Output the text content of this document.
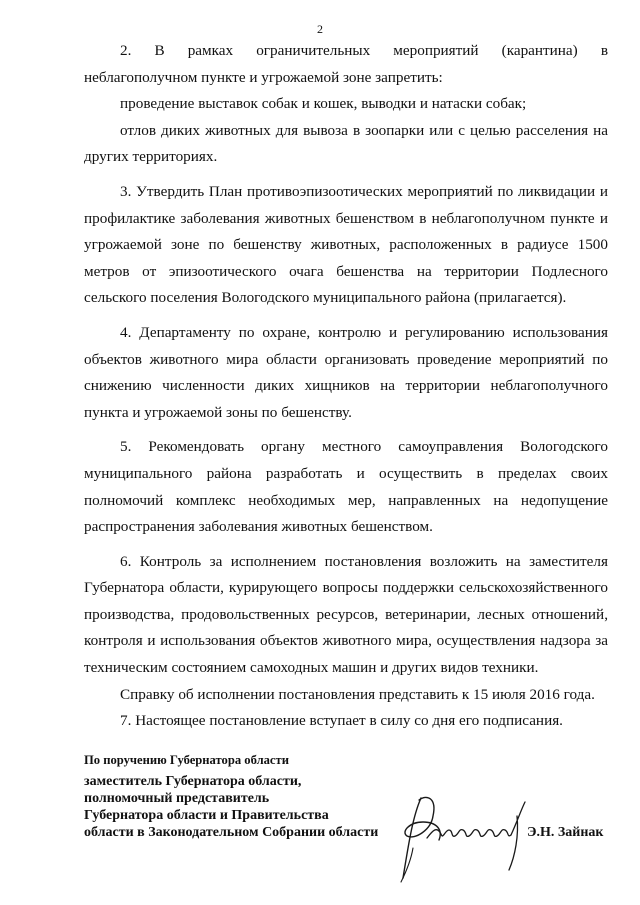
2

2. В рамках ограничительных мероприятий (карантина) в неблагополучном пункте и угрожаемой зоне запретить:

проведение выставок собак и кошек, выводки и натаски собак;

отлов диких животных для вывоза в зоопарки или с целью расселения на других территориях.

3. Утвердить План противоэпизоотических мероприятий по ликвидации и профилактике заболевания животных бешенством в неблагополучном пункте и угрожаемой зоне по бешенству животных, расположенных в радиусе 1500 метров от эпизоотического очага бешенства на территории Подлесного сельского поселения Вологодского муниципального района (прилагается).

4. Департаменту по охране, контролю и регулированию использования объектов животного мира области организовать проведение мероприятий по снижению численности диких хищников на территории неблагополучного пункта и угрожаемой зоны по бешенству.

5. Рекомендовать органу местного самоуправления Вологодского муниципального района разработать и осуществить в пределах своих полномочий комплекс необходимых мер, направленных на недопущение распространения заболевания животных бешенством.

6. Контроль за исполнением постановления возложить на заместителя Губернатора области, курирующего вопросы поддержки сельскохозяйственного производства, продовольственных ресурсов, ветеринарии, лесных отношений, контроля и использования объектов животного мира, осуществления надзора за техническим состоянием самоходных машин и других видов техники.

Справку об исполнении постановления представить к 15 июля 2016 года.

7. Настоящее постановление вступает в силу со дня его подписания.

По поручению Губернатора области
заместитель Губернатора области,
полномочный представитель
Губернатора области и Правительства
области в Законодательном Собрании области	Э.Н. Зайнак
